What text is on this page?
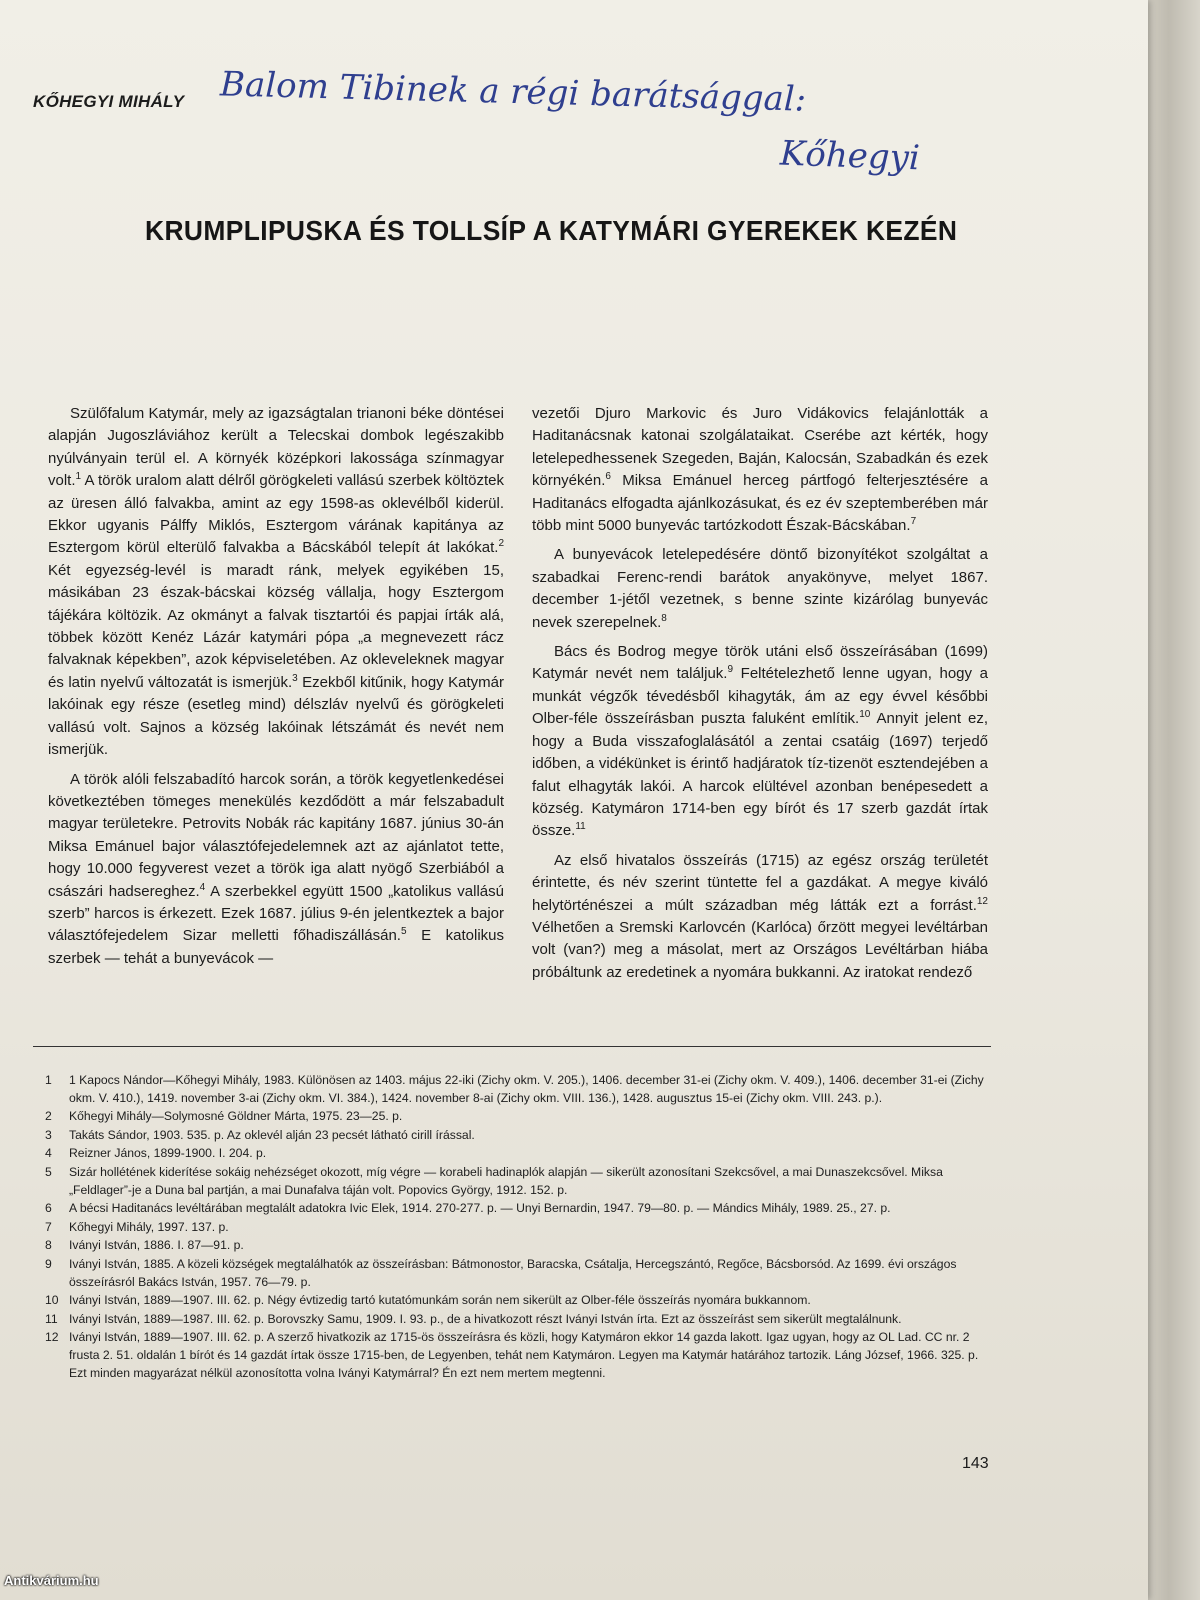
KŐHEGYI MIHÁLY	Balom Tibinek a régi barátsággal:
Kőhegyi
KRUMPLIPUSKA ÉS TOLLSÍP A KATYMÁRI GYEREKEK KEZÉN

Szülőfalum Katymár, mely az igazságtalan trianoni béke döntései alapján Jugoszláviához került a Telecskai dombok legészakibb nyúlványain terül el. A környék középkori lakossága színmagyar volt.$^1$ A török uralom alatt délről görögkeleti vallású szerbek költöztek az üresen álló falvakba, amint az egy 1598-as oklevélből kiderül. Ekkor ugyanis Pálffy Miklós, Esztergom várának kapitánya az Esztergom körül elterülő falvakba a Bácskából telepít át lakókat.$^2$ Két egyezség-levél is maradt ránk, melyek egyikében 15, másikában 23 észak-bácskai község vállalja, hogy Esztergom tájékára költözik. Az okmányt a falvak tisztartói és papjai írták alá, többek között Kenéz Lázár katymári pópa „a megnevezett rácz falvaknak képekben”, azok képviseletében. Az okleveleknek magyar és latin nyelvű változatát is ismerjük.$^3$ Ezekből kitűnik, hogy Katymár lakóinak egy része (esetleg mind) délszláv nyelvű és görögkeleti vallású volt. Sajnos a község lakóinak létszámát és nevét nem ismerjük.

A török alóli felszabadító harcok során, a török kegyetlenkedései következtében tömeges menekülés kezdődött a már felszabadult magyar területekre. Petrovits Nobák rác kapitány 1687. június 30-án Miksa Emánuel bajor választófejedelemnek azt az ajánlatot tette, hogy 10.000 fegyverest vezet a török iga alatt nyögő Szerbiából a császári hadsereghez.$^4$ A szerbekkel együtt 1500 „katolikus vallású szerb” harcos is érkezett. Ezek 1687. július 9-én jelentkeztek a bajor választófejedelem Sizar melletti főhadiszállásán.$^5$ E katolikus szerbek — tehát a bunyevácok —

vezetői Djuro Markovic és Juro Vidákovics felajánlották a Haditanácsnak katonai szolgálataikat. Cserébe azt kérték, hogy letelepedhessenek Szegeden, Baján, Kalocsán, Szabadkán és ezek környékén.$^6$ Miksa Emánuel herceg pártfogó felterjesztésére a Haditanács elfogadta ajánlkozásukat, és ez év szeptemberében már több mint 5000 bunyevác tartózkodott Észak-Bácskában.$^7$

A bunyevácok letelepedésére döntő bizonyítékot szolgáltat a szabadkai Ferenc-rendi barátok anyakönyve, melyet 1867. december 1-jétől vezetnek, s benne szinte kizárólag bunyevác nevek szerepelnek.$^8$

Bács és Bodrog megye török utáni első összeírásában (1699) Katymár nevét nem találjuk.$^9$ Feltételezhető lenne ugyan, hogy a munkát végzők tévedésből kihagyták, ám az egy évvel későbbi Olber-féle összeírásban puszta faluként említik.$^{10}$ Annyit jelent ez, hogy a Buda visszafoglalásától a zentai csatáig (1697) terjedő időben, a vidékünket is érintő hadjáratok tíz-tizenöt esztendejében a falut elhagyták lakói. A harcok elültével azonban benépesedett a község. Katymáron 1714-ben egy bírót és 17 szerb gazdát írtak össze.$^{11}$

Az első hivatalos összeírás (1715) az egész ország területét érintette, és név szerint tüntette fel a gazdákat. A megye kiváló helytörténészei a múlt században még látták ezt a forrást.$^{12}$ Vélhetően a Sremski Karlovcén (Karlóca) őrzött megyei levéltárban volt (van?) meg a másolat, mert az Országos Levéltárban hiába próbáltunk az eredetinek a nyomára bukkanni. Az iratokat rendező

1	1 Kapocs Nándor—Kőhegyi Mihály, 1983. Különösen az 1403. május 22-iki (Zichy okm. V. 205.), 1406. december 31-ei (Zichy okm. V. 409.), 1406. december 31-ei (Zichy okm. V. 410.), 1419. november 3-ai (Zichy okm. VI. 384.), 1424. november 8-ai (Zichy okm. VIII. 136.), 1428. augusztus 15-ei (Zichy okm. VIII. 243. p.).
2	Kőhegyi Mihály—Solymosné Göldner Márta, 1975. 23—25. p.
3	Takáts Sándor, 1903. 535. p. Az oklevél alján 23 pecsét látható cirill írással.
4	Reizner János, 1899-1900. I. 204. p.
5	Sizár hollétének kiderítése sokáig nehézséget okozott, míg végre — korabeli hadinaplók alapján — sikerült azonosítani Szekcsővel, a mai Dunaszekcsővel. Miksa „Feldlager”-je a Duna bal partján, a mai Dunafalva táján volt. Popovics György, 1912. 152. p.
6	A bécsi Haditanács levéltárában megtalált adatokra Ivic Elek, 1914. 270-277. p. — Unyi Bernardin, 1947. 79—80. p. — Mándics Mihály, 1989. 25., 27. p.
7	Kőhegyi Mihály, 1997. 137. p.
8	Iványi István, 1886. I. 87—91. p.
9	Iványi István, 1885. A közeli községek megtalálhatók az összeírásban: Bátmonostor, Baracska, Csátalja, Hercegszántó, Regőce, Bácsborsód. Az 1699. évi országos összeírásról Bakács István, 1957. 76—79. p.
10 Iványi István, 1889—1907. III. 62. p. Négy évtizedig tartó kutatómunkám során nem sikerült az Olber-féle összeírás nyomára bukkannom.
11 Iványi István, 1889—1987. III. 62. p. Borovszky Samu, 1909. I. 93. p., de a hivatkozott részt Iványi István írta. Ezt az összeírást sem sikerült megtalálnunk.
12 Iványi István, 1889—1907. III. 62. p. A szerző hivatkozik az 1715-ös összeírásra és közli, hogy Katymáron ekkor 14 gazda lakott. Igaz ugyan, hogy az OL Lad. CC nr. 2 frusta 2. 51. oldalán 1 bírót és 14 gazdát írtak össze 1715-ben, de Legyenben, tehát nem Katymáron. Legyen ma Katymár határához tartozik. Láng József, 1966. 325. p. Ezt minden magyarázat nélkül azonosította volna Iványi Katymárral? Én ezt nem mertem megtenni.
143
Antikvárium.hu
